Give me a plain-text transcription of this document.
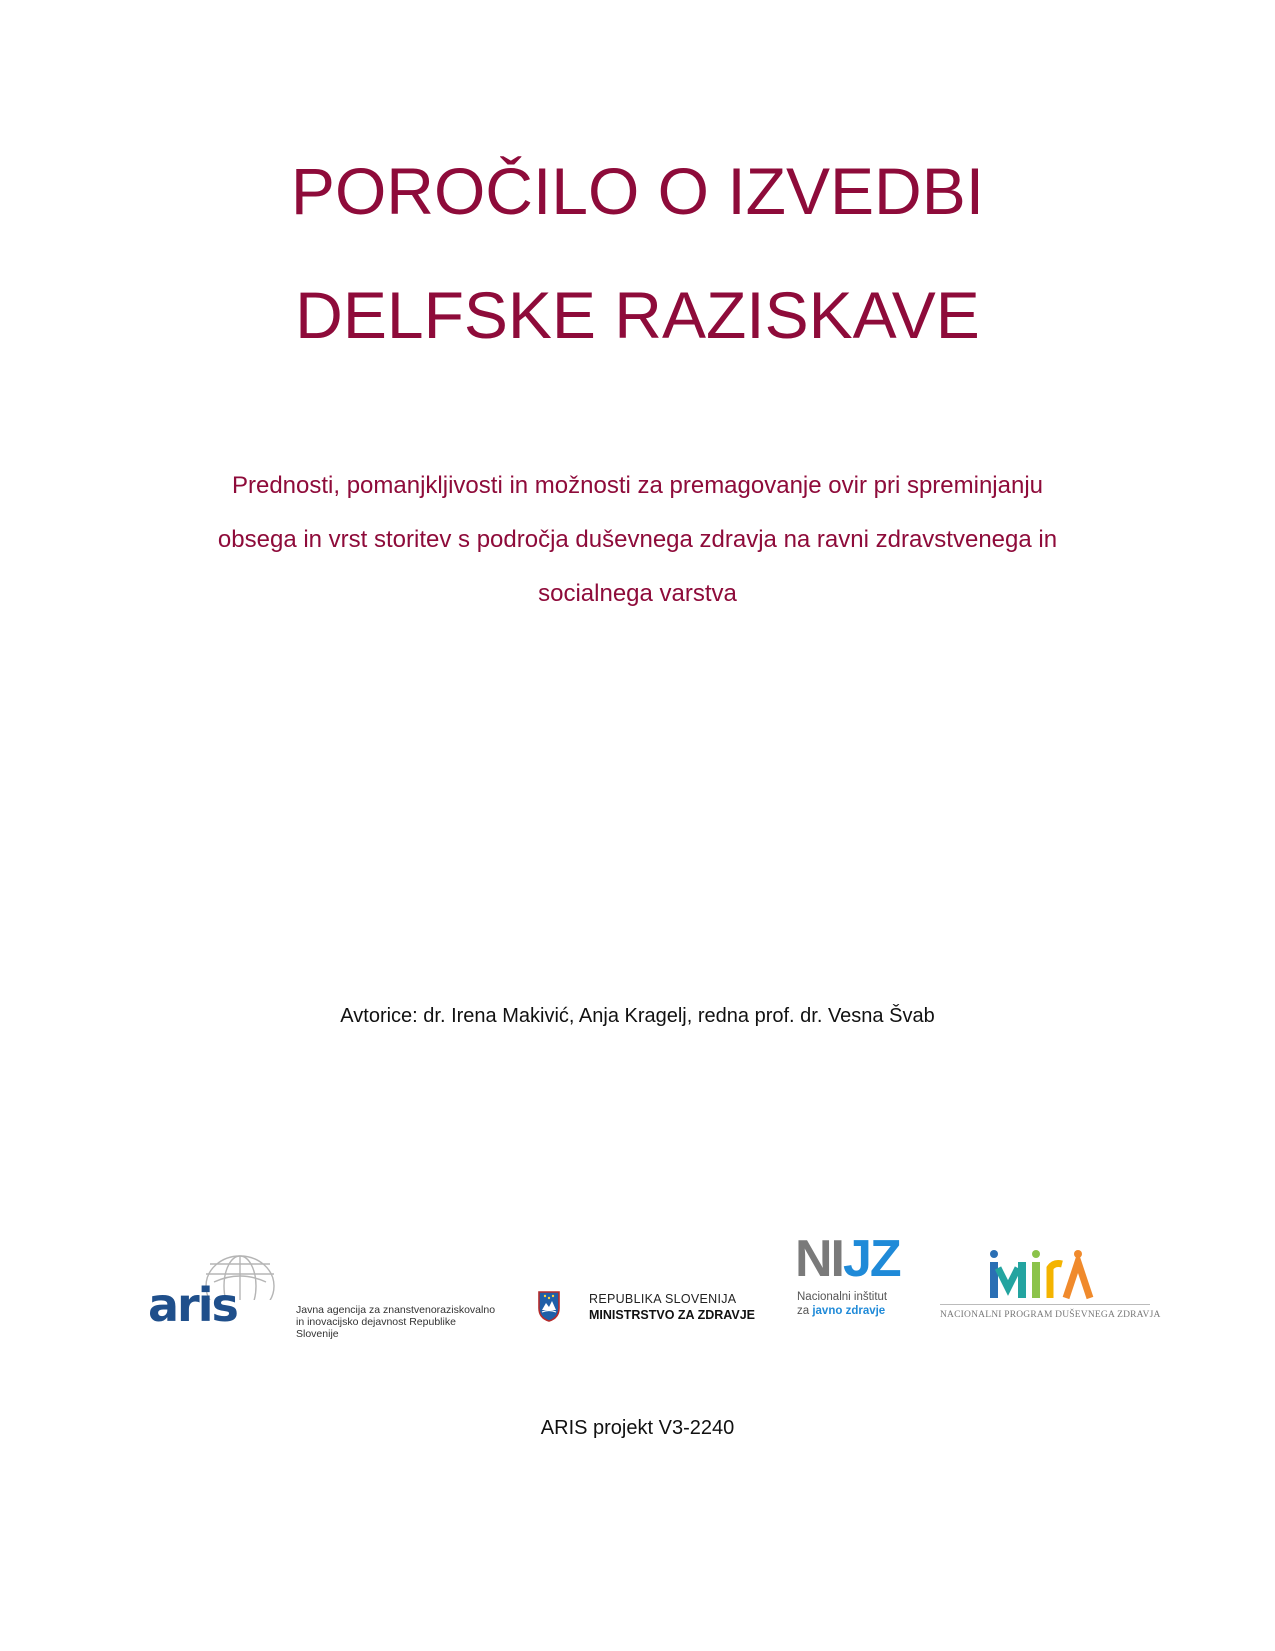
POROČILO O IZVEDBI
DELFSKE RAZISKAVE
Prednosti, pomanjkljivosti in možnosti za premagovanje ovir pri spreminjanju
obsega in vrst storitev s področja duševnega zdravja na ravni zdravstvenega in
socialnega varstva
Avtorice: dr. Irena Makivić, Anja Kragelj, redna prof. dr. Vesna Švab
aris	Javna agencija za znanstvenoraziskovalno
in inovacijsko dejavnost Republike Slovenije
REPUBLIKA SLOVENIJA
MINISTRSTVO ZA ZDRAVJE
NIJZ
Nacionalni inštitut
za javno zdravje	NACIONALNI PROGRAM DUŠEVNEGA ZDRAVJA
ARIS projekt V3-2240
